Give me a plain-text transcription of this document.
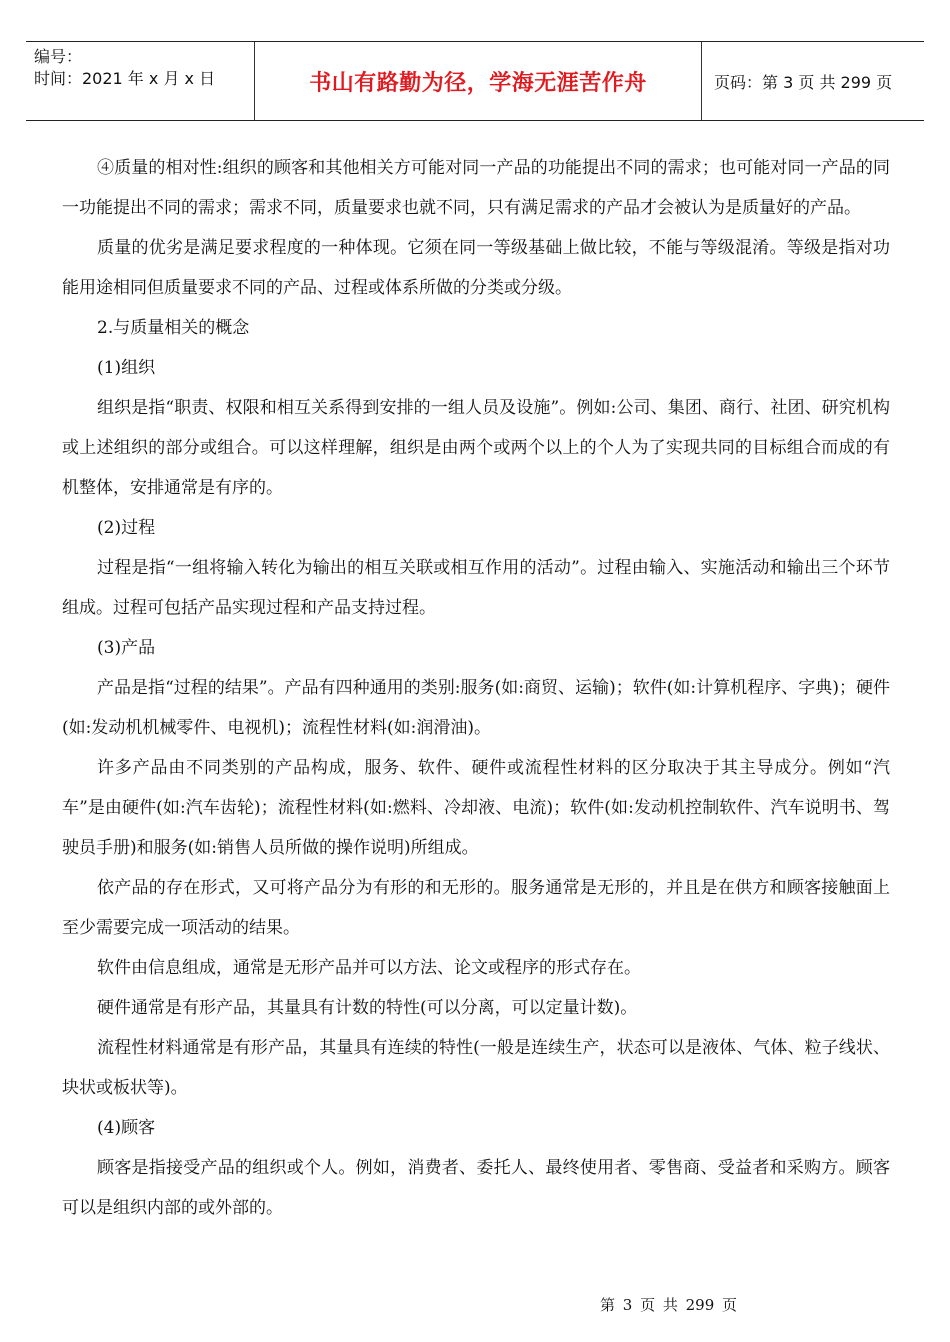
编号：
时间：2021 年 x 月 x 日	书山有路勤为径，学海无涯苦作舟	页码：第 3 页 共 299 页

④质量的相对性:组织的顾客和其他相关方可能对同一产品的功能提出不同的需求；也可能对同一产品的同一功能提出不同的需求；需求不同，质量要求也就不同，只有满足需求的产品才会被认为是质量好的产品。

质量的优劣是满足要求程度的一种体现。它须在同一等级基础上做比较，不能与等级混淆。等级是指对功能用途相同但质量要求不同的产品、过程或体系所做的分类或分级。

2.与质量相关的概念

(1)组织

组织是指“职责、权限和相互关系得到安排的一组人员及设施”。例如:公司、集团、商行、社团、研究机构或上述组织的部分或组合。可以这样理解，组织是由两个或两个以上的个人为了实现共同的目标组合而成的有机整体，安排通常是有序的。

(2)过程

过程是指“一组将输入转化为输出的相互关联或相互作用的活动”。过程由输入、实施活动和输出三个环节组成。过程可包括产品实现过程和产品支持过程。

(3)产品

产品是指“过程的结果”。产品有四种通用的类别:服务(如:商贸、运输)；软件(如:计算机程序、字典)；硬件(如:发动机机械零件、电视机)；流程性材料(如:润滑油)。

许多产品由不同类别的产品构成，服务、软件、硬件或流程性材料的区分取决于其主导成分。例如“汽车”是由硬件(如:汽车齿轮)；流程性材料(如:燃料、冷却液、电流)；软件(如:发动机控制软件、汽车说明书、驾驶员手册)和服务(如:销售人员所做的操作说明)所组成。

依产品的存在形式，又可将产品分为有形的和无形的。服务通常是无形的，并且是在供方和顾客接触面上至少需要完成一项活动的结果。

软件由信息组成，通常是无形产品并可以方法、论文或程序的形式存在。

硬件通常是有形产品，其量具有计数的特性(可以分离，可以定量计数)。

流程性材料通常是有形产品，其量具有连续的特性(一般是连续生产，状态可以是液体、气体、粒子线状、块状或板状等)。

(4)顾客

顾客是指接受产品的组织或个人。例如，消费者、委托人、最终使用者、零售商、受益者和采购方。顾客可以是组织内部的或外部的。

第 3 页 共 299 页
